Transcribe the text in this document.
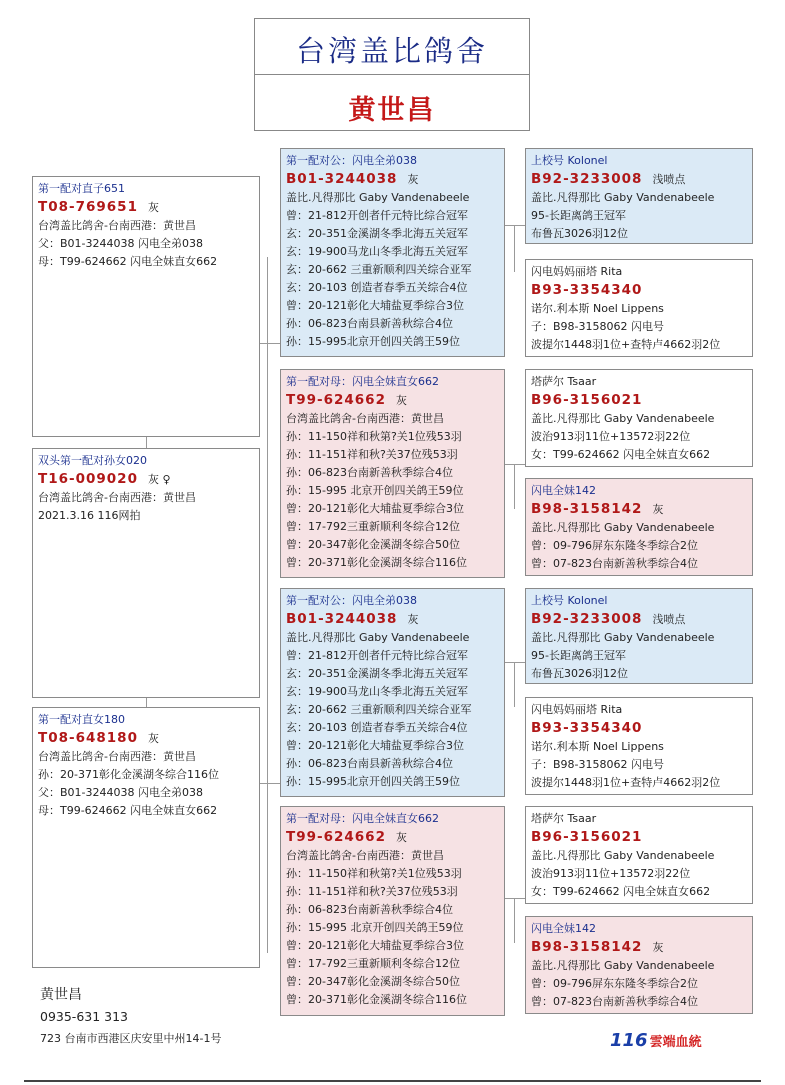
台湾盖比鸽舍
黄世昌
第一配对直子651
T08-769651 灰
台湾盖比鸽舍-台南西港：黄世昌
父：B01-3244038 闪电全弟038
母：T99-624662 闪电全妹直女662
双头第一配对孙女020
T16-009020 灰 ♀
台湾盖比鸽舍-台南西港：黄世昌
2021.3.16 116网拍
第一配对直女180
T08-648180 灰
台湾盖比鸽舍-台南西港：黄世昌
孙：20-371彰化金溪湖冬综合116位
父：B01-3244038 闪电全弟038
母：T99-624662 闪电全妹直女662
第一配对公：闪电全弟038
B01-3244038 灰
盖比.凡得那比 Gaby Vandenabeele
曾：21-812开创者仟元特比综合冠军
玄：20-351金溪湖冬季北海五关冠军
玄：19-900马龙山冬季北海五关冠军
玄：20-662 三重新顺利四关综合亚军
玄：20-103 创造者春季五关综合4位
曾：20-121彰化大埔盐夏季综合3位
孙：06-823台南县新善秋综合4位
孙：15-995北京开创四关鸽王59位
第一配对母：闪电全妹直女662
T99-624662 灰
台湾盖比鸽舍-台南西港：黄世昌
孙：11-150祥和秋第?关1位残53羽
孙：11-151祥和秋?关37位残53羽
孙：06-823台南新善秋季综合4位
孙：15-995 北京开创四关鸽王59位
曾：20-121彰化大埔盐夏季综合3位
曾：17-792三重新顺利冬综合12位
曾：20-347彰化金溪湖冬综合50位
曾：20-371彰化金溪湖冬综合116位
第一配对公：闪电全弟038
B01-3244038 灰
盖比.凡得那比 Gaby Vandenabeele
曾：21-812开创者仟元特比综合冠军
玄：20-351金溪湖冬季北海五关冠军
玄：19-900马龙山冬季北海五关冠军
玄：20-662 三重新顺利四关综合亚军
玄：20-103 创造者春季五关综合4位
曾：20-121彰化大埔盐夏季综合3位
孙：06-823台南县新善秋综合4位
孙：15-995北京开创四关鸽王59位
第一配对母：闪电全妹直女662
T99-624662 灰
台湾盖比鸽舍-台南西港：黄世昌
孙：11-150祥和秋第?关1位残53羽
孙：11-151祥和秋?关37位残53羽
孙：06-823台南新善秋季综合4位
孙：15-995 北京开创四关鸽王59位
曾：20-121彰化大埔盐夏季综合3位
曾：17-792三重新顺利冬综合12位
曾：20-347彰化金溪湖冬综合50位
曾：20-371彰化金溪湖冬综合116位
上校号 Kolonel
B92-3233008 浅喷点
盖比.凡得那比 Gaby Vandenabeele
95-长距离鸽王冠军
布鲁瓦3026羽12位
闪电妈妈丽塔 Rita
B93-3354340
诺尔.利本斯 Noel Lippens
子：B98-3158062 闪电号
波提尔1448羽1位+查特卢4662羽2位
塔萨尔 Tsaar
B96-3156021
盖比.凡得那比 Gaby Vandenabeele
波治913羽11位+13572羽22位
女：T99-624662 闪电全妹直女662
闪电全妹142
B98-3158142 灰
盖比.凡得那比 Gaby Vandenabeele
曾：09-796屏东东隆冬季综合2位
曾：07-823台南新善秋季综合4位
上校号 Kolonel
B92-3233008 浅喷点
盖比.凡得那比 Gaby Vandenabeele
95-长距离鸽王冠军
布鲁瓦3026羽12位
闪电妈妈丽塔 Rita
B93-3354340
诺尔.利本斯 Noel Lippens
子：B98-3158062 闪电号
波提尔1448羽1位+查特卢4662羽2位
塔萨尔 Tsaar
B96-3156021
盖比.凡得那比 Gaby Vandenabeele
波治913羽11位+13572羽22位
女：T99-624662 闪电全妹直女662
闪电全妹142
B98-3158142 灰
盖比.凡得那比 Gaby Vandenabeele
曾：09-796屏东东隆冬季综合2位
曾：07-823台南新善秋季综合4位
黄世昌
0935-631 313
723 台南市西港区庆安里中州14-1号	116 雲端血統
